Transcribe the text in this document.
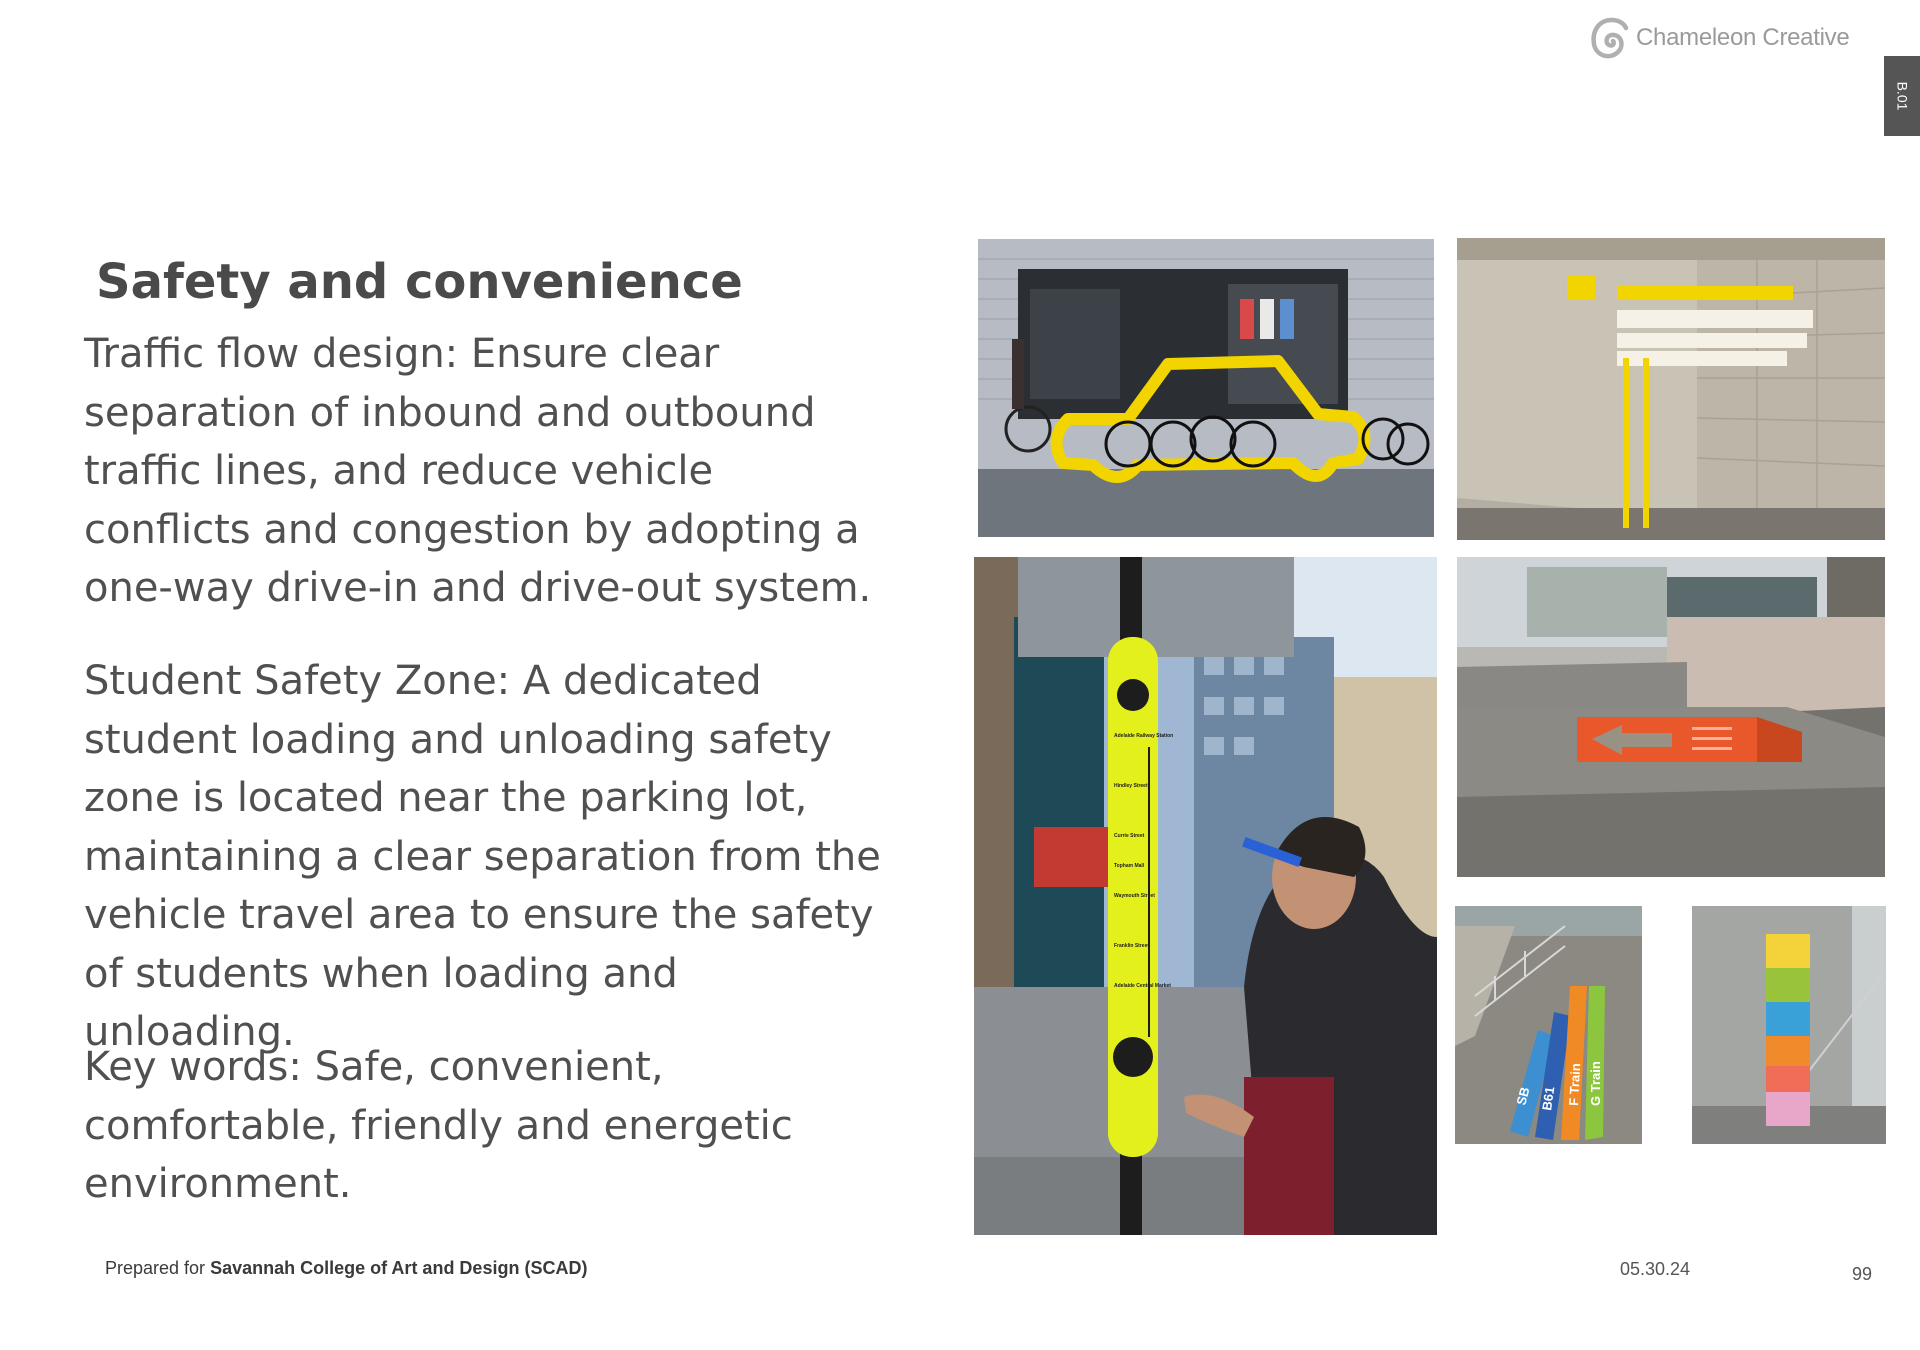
Chameleon Creative
B.01
Safety and convenience

Traffic flow design: Ensure clear separation of inbound and outbound traffic lines, and reduce vehicle conflicts and congestion by adopting a one-way drive-in and drive-out system.

Student Safety Zone: A dedicated student loading and unloading safety zone is located near the parking lot, maintaining a clear separation from the vehicle travel area to ensure the safety of students when loading and unloading.

Key words: Safe, convenient, comfortable, friendly and energetic environment.

Adelaide Railway Station
Hindley Street
Currie Street
Topham Mall
Waymouth Street
Franklin Street
Adelaide Central Market
SB B61 F Train G Train
Prepared for Savannah College of Art and Design (SCAD)	05.30.24	99
